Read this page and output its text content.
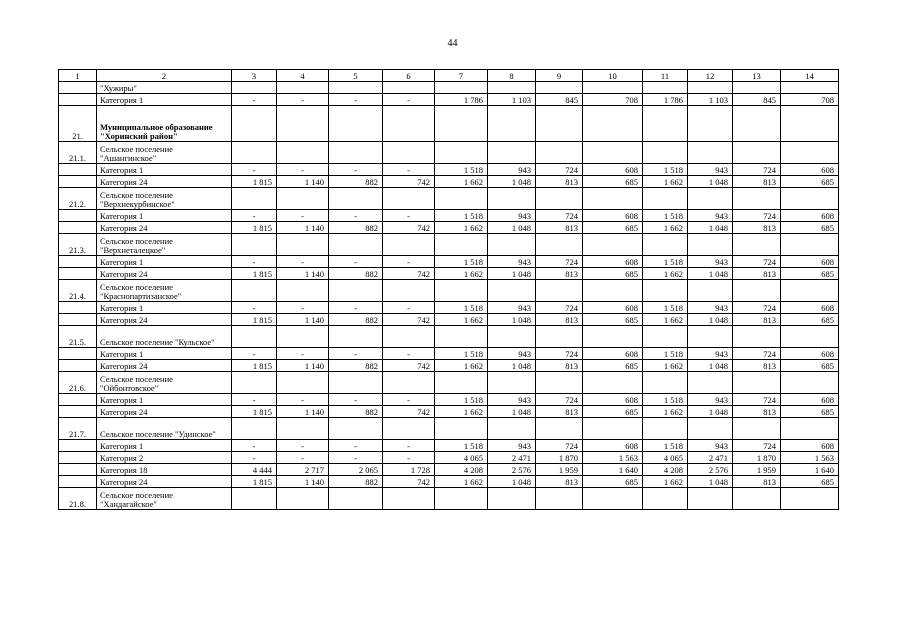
44
1	2	3	4	5	6	7	8	9	10	11	12	13	14
	"Хужиры"												
	Категория 1	-	-	-	-	1 786	1 103	845	708	1 786	1 103	845	708
21.	Муниципальное образование "Хоринский район"												
21.1.	Сельское поселение "Ашангинское"												
	Категория 1	-	-	-	-	1 518	943	724	608	1 518	943	724	608
	Категория 24	1 815	1 140	882	742	1 662	1 048	813	685	1 662	1 048	813	685
21.2.	Сельское поселение "Верхнекурбинское"												
	Категория 1	-	-	-	-	1 518	943	724	608	1 518	943	724	608
	Категория 24	1 815	1 140	882	742	1 662	1 048	813	685	1 662	1 048	813	685
21.3.	Сельское поселение "Верхнеталецкое"												
	Категория 1	-	-	-	-	1 518	943	724	608	1 518	943	724	608
	Категория 24	1 815	1 140	882	742	1 662	1 048	813	685	1 662	1 048	813	685
21.4.	Сельское поселение "Краснопартизанское"												
	Категория 1	-	-	-	-	1 518	943	724	608	1 518	943	724	608
	Категория 24	1 815	1 140	882	742	1 662	1 048	813	685	1 662	1 048	813	685
21.5.	Сельское поселение "Кульское"												
	Категория 1	-	-	-	-	1 518	943	724	608	1 518	943	724	608
	Категория 24	1 815	1 140	882	742	1 662	1 048	813	685	1 662	1 048	813	685
21.6.	Сельское поселение "Ойбонтовское"												
	Категория 1	-	-	-	-	1 518	943	724	608	1 518	943	724	608
	Категория 24	1 815	1 140	882	742	1 662	1 048	813	685	1 662	1 048	813	685
21.7.	Сельское поселение "Удинское"												
	Категория 1	-	-	-	-	1 518	943	724	608	1 518	943	724	608
	Категория 2	-	-	-	-	4 065	2 471	1 870	1 563	4 065	2 471	1 870	1 563
	Категория 18	4 444	2 717	2 065	1 728	4 208	2 576	1 959	1 640	4 208	2 576	1 959	1 640
	Категория 24	1 815	1 140	882	742	1 662	1 048	813	685	1 662	1 048	813	685
21.8.	Сельское поселение "Хандагайское"												
